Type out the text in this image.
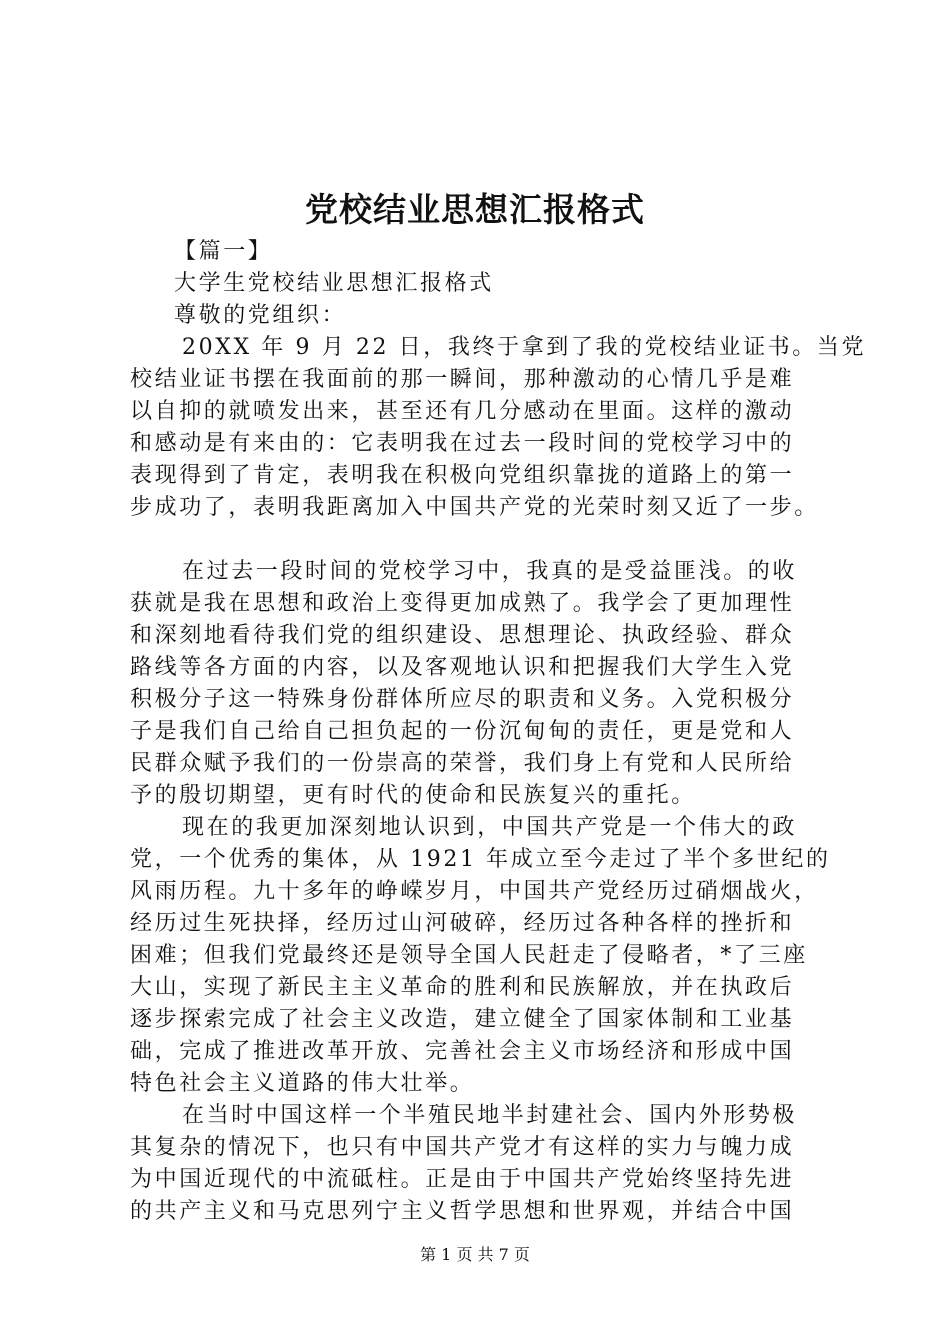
党校结业思想汇报格式
【篇一】
大学生党校结业思想汇报格式
尊敬的党组织：
20XX 年 9 月 22 日，我终于拿到了我的党校结业证书。当党
校结业证书摆在我面前的那一瞬间，那种激动的心情几乎是难
以自抑的就喷发出来，甚至还有几分感动在里面。这样的激动
和感动是有来由的：它表明我在过去一段时间的党校学习中的
表现得到了肯定，表明我在积极向党组织靠拢的道路上的第一
步成功了，表明我距离加入中国共产党的光荣时刻又近了一步。
在过去一段时间的党校学习中，我真的是受益匪浅。的收
获就是我在思想和政治上变得更加成熟了。我学会了更加理性
和深刻地看待我们党的组织建设、思想理论、执政经验、群众
路线等各方面的内容，以及客观地认识和把握我们大学生入党
积极分子这一特殊身份群体所应尽的职责和义务。入党积极分
子是我们自己给自己担负起的一份沉甸甸的责任，更是党和人
民群众赋予我们的一份崇高的荣誉，我们身上有党和人民所给
予的殷切期望，更有时代的使命和民族复兴的重托。
现在的我更加深刻地认识到，中国共产党是一个伟大的政
党，一个优秀的集体，从 1921 年成立至今走过了半个多世纪的
风雨历程。九十多年的峥嵘岁月，中国共产党经历过硝烟战火，
经历过生死抉择，经历过山河破碎，经历过各种各样的挫折和
困难；但我们党最终还是领导全国人民赶走了侵略者，*了三座
大山，实现了新民主主义革命的胜利和民族解放，并在执政后
逐步探索完成了社会主义改造，建立健全了国家体制和工业基
础，完成了推进改革开放、完善社会主义市场经济和形成中国
特色社会主义道路的伟大壮举。
在当时中国这样一个半殖民地半封建社会、国内外形势极
其复杂的情况下，也只有中国共产党才有这样的实力与魄力成
为中国近现代的中流砥柱。正是由于中国共产党始终坚持先进
的共产主义和马克思列宁主义哲学思想和世界观，并结合中国
第 1 页 共 7 页
